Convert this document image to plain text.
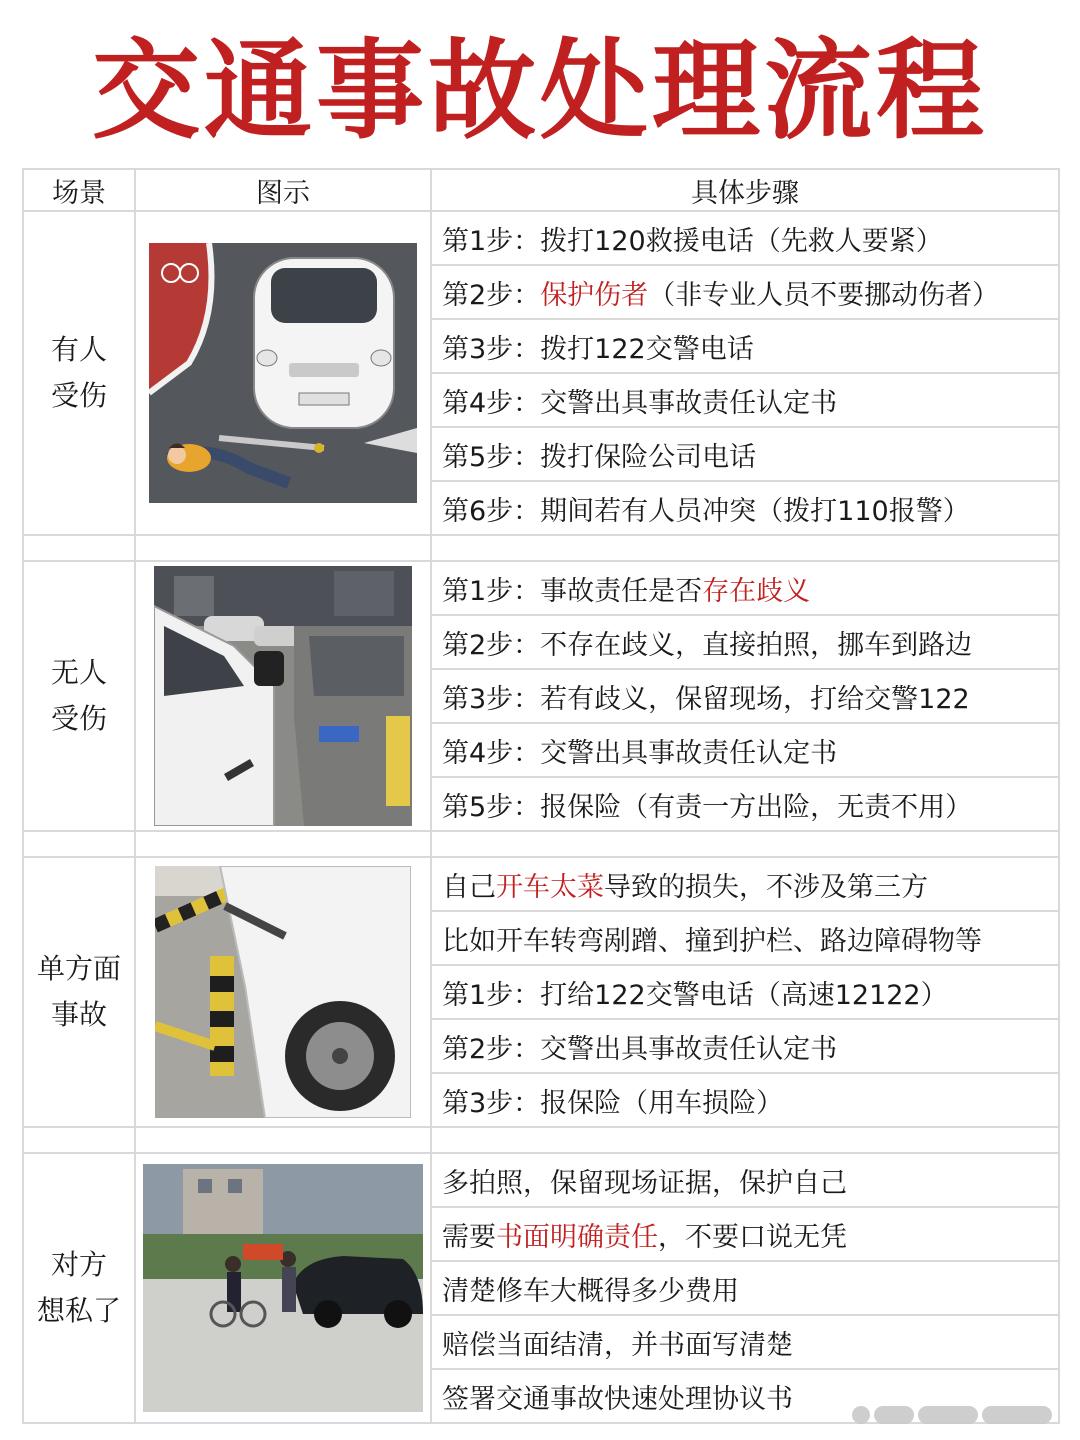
交通事故处理流程
场景	图示	具体步骤

有人
受伤		第1步：拨打120救援电话（先救人要紧）
		第2步：保护伤者（非专业人员不要挪动伤者）
		第3步：拨打122交警电话
		第4步：交警出具事故责任认定书
		第5步：拨打保险公司电话
		第6步：期间若有人员冲突（拨打110报警）

无人
受伤		第1步：事故责任是否存在歧义
		第2步：不存在歧义，直接拍照，挪车到路边
		第3步：若有歧义，保留现场，打给交警122
		第4步：交警出具事故责任认定书
		第5步：报保险（有责一方出险，无责不用）

单方面
事故		自己开车太菜导致的损失，不涉及第三方
		比如开车转弯剐蹭、撞到护栏、路边障碍物等
		第1步：打给122交警电话（高速12122）
		第2步：交警出具事故责任认定书
		第3步：报保险（用车损险）

对方
想私了		多拍照，保留现场证据，保护自己
		需要书面明确责任，不要口说无凭
		清楚修车大概得多少费用
		赔偿当面结清，并书面写清楚
		签署交通事故快速处理协议书
